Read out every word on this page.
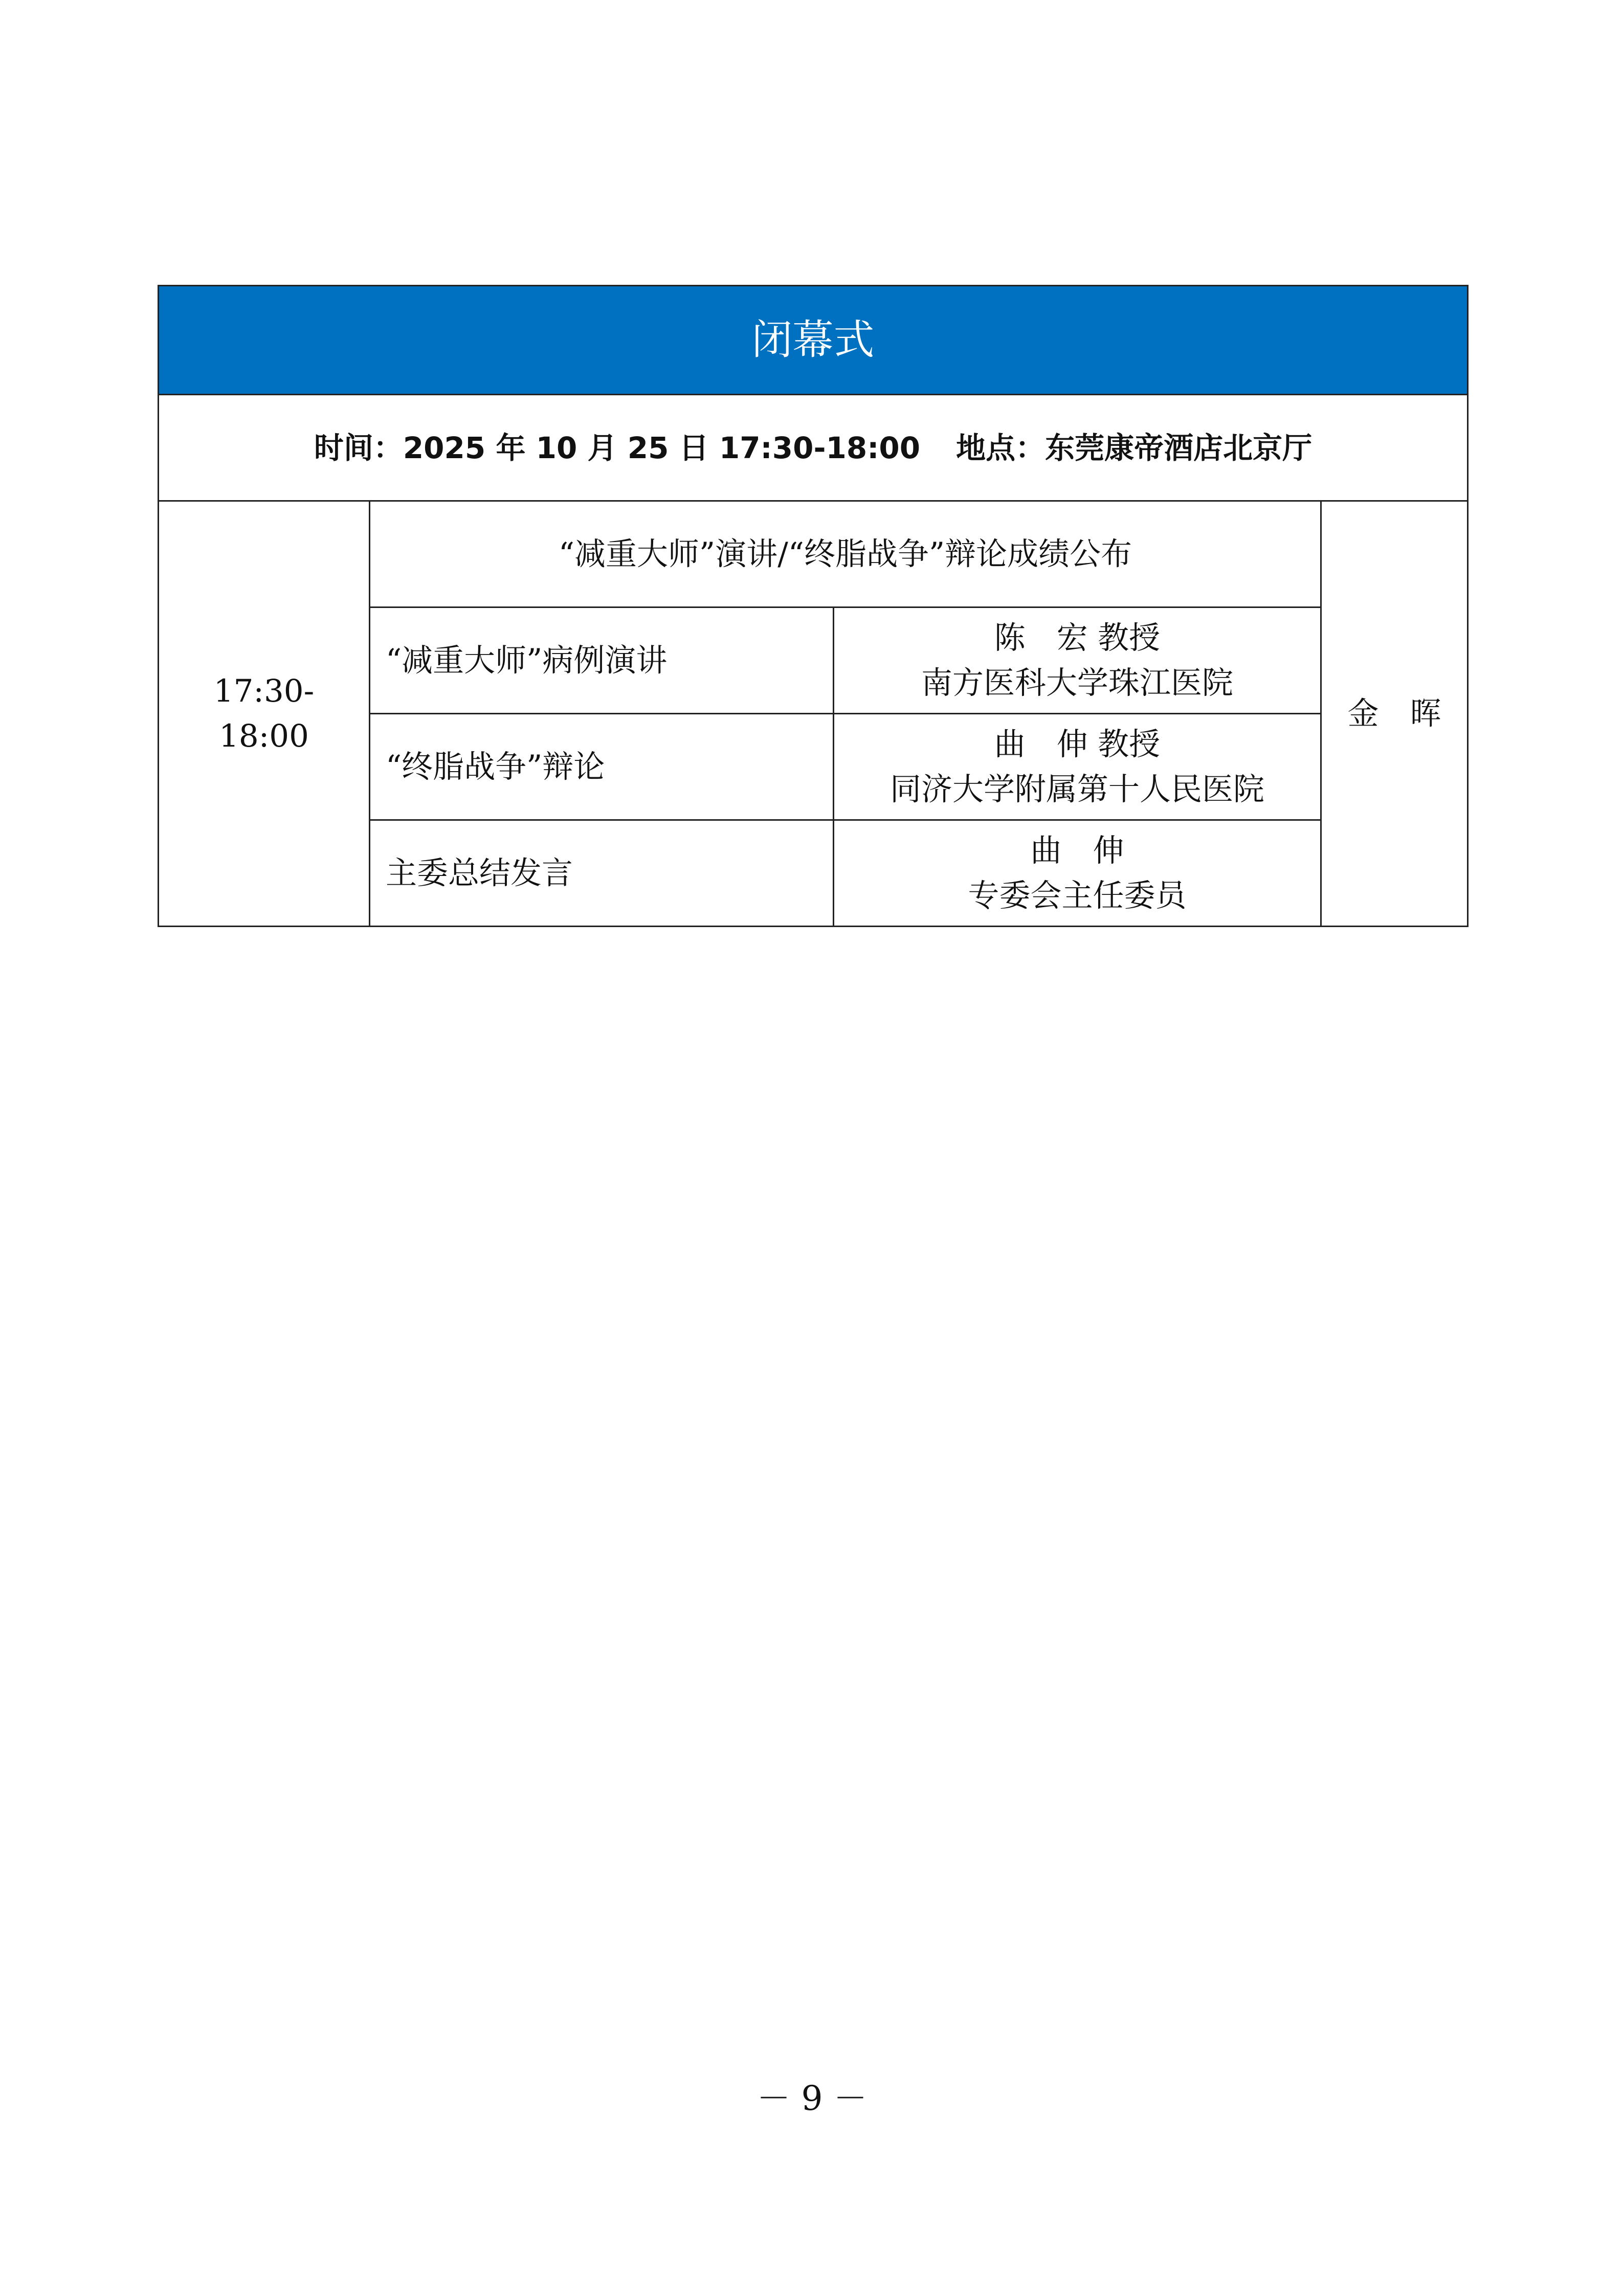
闭幕式			
时间：2025 年 10 月 25 日 17:30-18:00 地点：东莞康帝酒店北京厅			
17:30-18:00	“减重大师”演讲/“终脂战争”辩论成绩公布		金　晖
	“减重大师”病例演讲	陈　宏 教授
南方医科大学珠江医院	

	“终脂战争”辩论	曲　伸 教授
同济大学附属第十人民医院	

	主委总结发言	曲　伸
专委会主任委员	
－ 9 －
